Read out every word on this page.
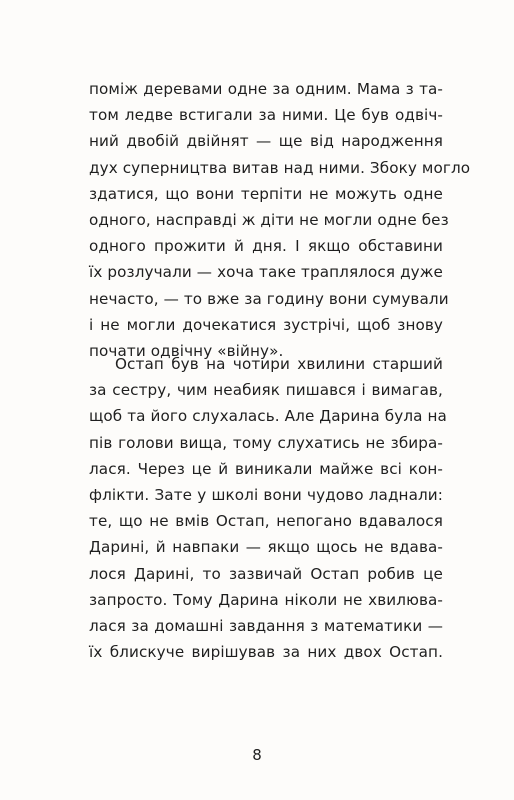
поміж деревами одне за одним. Мама з та-
том ледве встигали за ними. Це був одвіч-
ний двобій двійнят — ще від народження
дух суперництва витав над ними. Збоку могло
здатися, що вони терпіти не можуть одне
одного, насправді ж діти не могли одне без
одного прожити й дня. І якщо обставини
їх розлучали — хоча таке траплялося дуже
нечасто, — то вже за годину вони сумували
і не могли дочекатися зустрічі, щоб знову
почати одвічну «війну».
Остап був на чотири хвилини старший
за сестру, чим неабияк пишався і вимагав,
щоб та його слухалась. Але Дарина була на
пів голови вища, тому слухатись не збира-
лася. Через це й виникали майже всі кон-
флікти. Зате у школі вони чудово ладнали:
те, що не вмів Остап, непогано вдавалося
Дарині, й навпаки — якщо щось не вдава-
лося Дарині, то зазвичай Остап робив це
запросто. Тому Дарина ніколи не хвилюва-
лася за домашні завдання з математики —
їх блискуче вирішував за них двох Остап.
8
